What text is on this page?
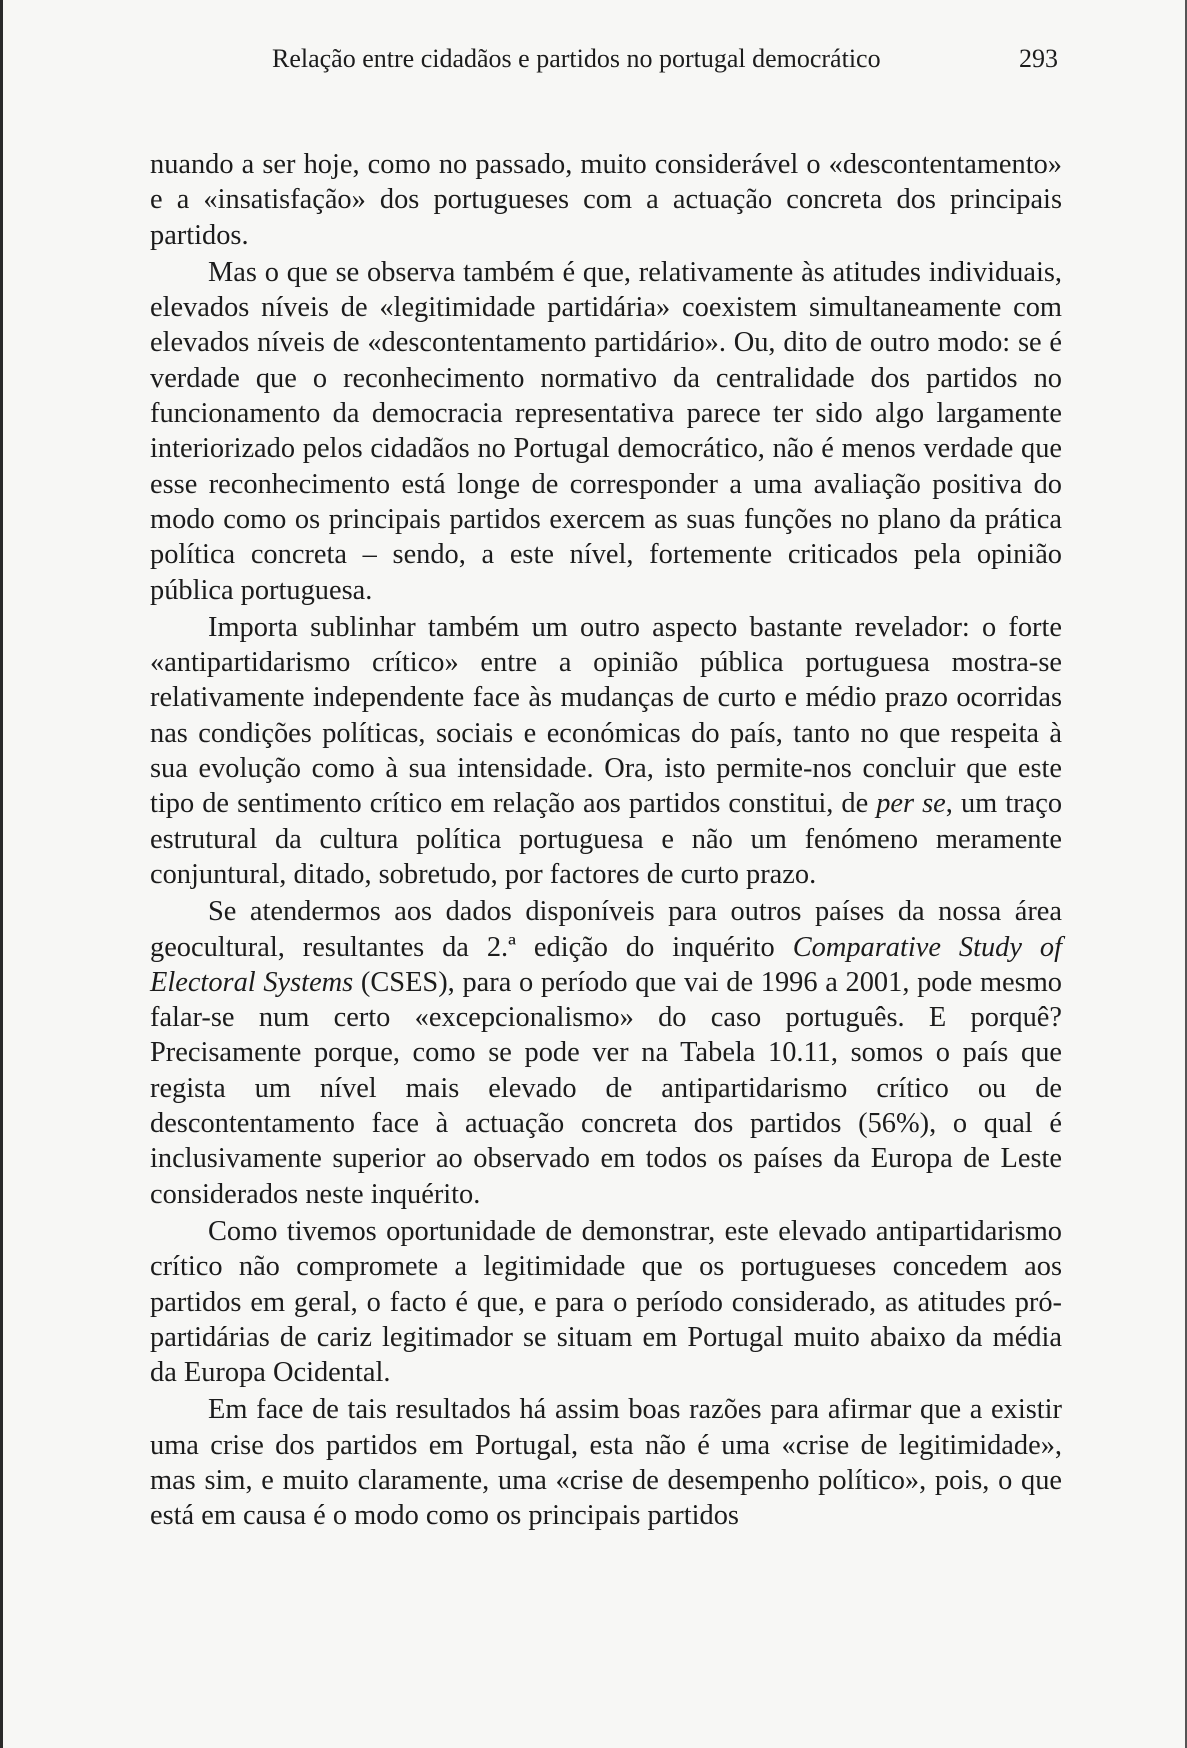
Relação entre cidadãos e partidos no portugal democrático	293

nuando a ser hoje, como no passado, muito considerável o «descontentamento» e a «insatisfação» dos portugueses com a actuação concreta dos principais partidos.

Mas o que se observa também é que, relativamente às atitudes individuais, elevados níveis de «legitimidade partidária» coexistem simultaneamente com elevados níveis de «descontentamento partidário». Ou, dito de outro modo: se é verdade que o reconhecimento normativo da centralidade dos partidos no funcionamento da democracia representativa parece ter sido algo largamente interiorizado pelos cidadãos no Portugal democrático, não é menos verdade que esse reconhecimento está longe de corresponder a uma avaliação positiva do modo como os principais partidos exercem as suas funções no plano da prática política concreta – sendo, a este nível, fortemente criticados pela opinião pública portuguesa.

Importa sublinhar também um outro aspecto bastante revelador: o forte «antipartidarismo crítico» entre a opinião pública portuguesa mostra-se relativamente independente face às mudanças de curto e médio prazo ocorridas nas condições políticas, sociais e económicas do país, tanto no que respeita à sua evolução como à sua intensidade. Ora, isto permite-nos concluir que este tipo de sentimento crítico em relação aos partidos constitui, de per se, um traço estrutural da cultura política portuguesa e não um fenómeno meramente conjuntural, ditado, sobretudo, por factores de curto prazo.

Se atendermos aos dados disponíveis para outros países da nossa área geocultural, resultantes da 2.ª edição do inquérito Comparative Study of Electoral Systems (CSES), para o período que vai de 1996 a 2001, pode mesmo falar-se num certo «excepcionalismo» do caso português. E porquê? Precisamente porque, como se pode ver na Tabela 10.11, somos o país que regista um nível mais elevado de antipartidarismo crítico ou de descontentamento face à actuação concreta dos partidos (56%), o qual é inclusivamente superior ao observado em todos os países da Europa de Leste considerados neste inquérito.

Como tivemos oportunidade de demonstrar, este elevado antipartidarismo crítico não compromete a legitimidade que os portugueses concedem aos partidos em geral, o facto é que, e para o período considerado, as atitudes pró-partidárias de cariz legitimador se situam em Portugal muito abaixo da média da Europa Ocidental.

Em face de tais resultados há assim boas razões para afirmar que a existir uma crise dos partidos em Portugal, esta não é uma «crise de legitimidade», mas sim, e muito claramente, uma «crise de desempenho político», pois, o que está em causa é o modo como os principais partidos
